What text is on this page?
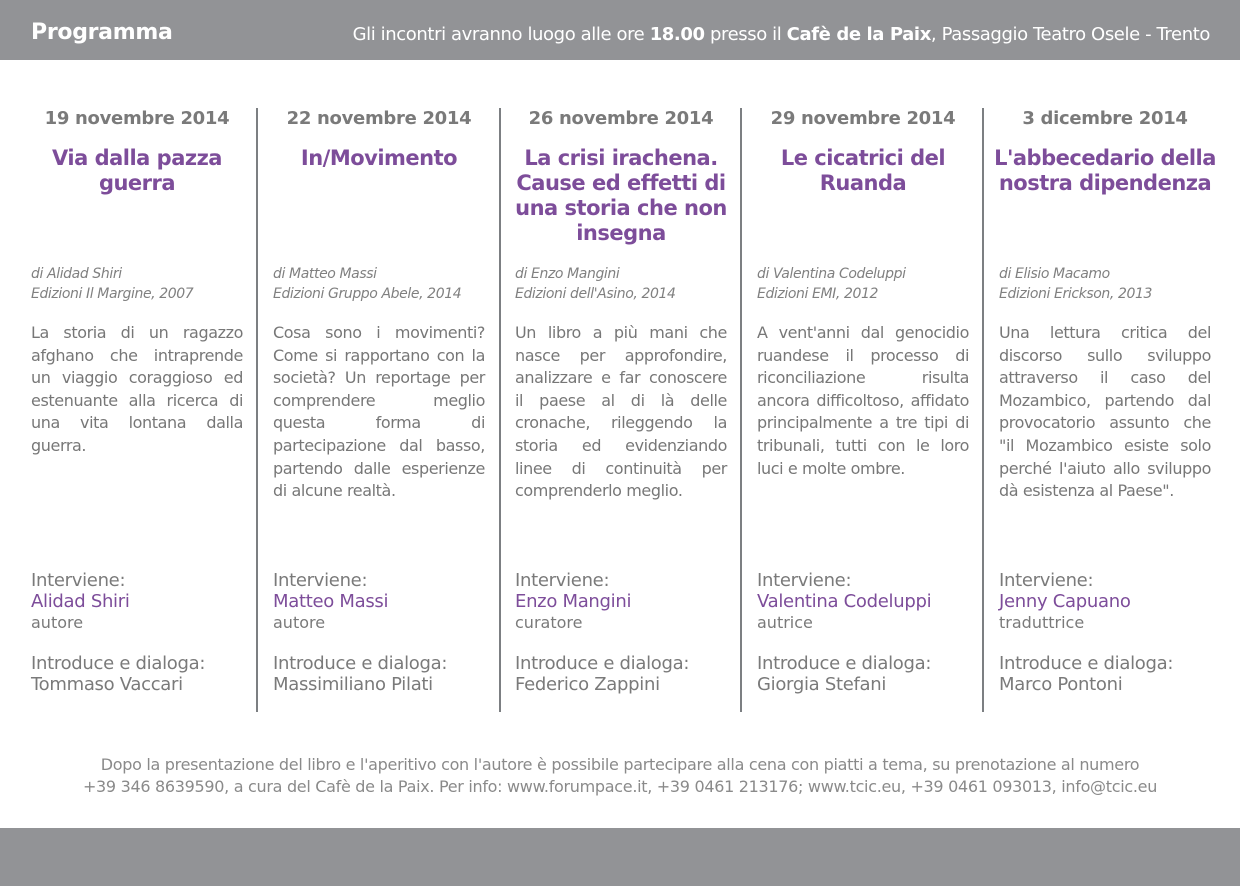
Programma	Gli incontri avranno luogo alle ore 18.00 presso il Cafè de la Paix, Passaggio Teatro Osele - Trento
19 novembre 2014
Via dalla pazza guerra
di Alidad Shiri
Edizioni Il Margine, 2007
La storia di un ragazzo afghano che intraprende un viaggio coraggioso ed estenuante alla ricerca di una vita lontana dalla guerra.
Interviene:
Alidad Shiri
autore
Introduce e dialoga:
Tommaso Vaccari
22 novembre 2014
In/Movimento
di Matteo Massi
Edizioni Gruppo Abele, 2014
Cosa sono i movimenti? Come si rapportano con la società? Un reportage per comprendere meglio questa forma di partecipazione dal basso, partendo dalle esperienze di alcune realtà.
Interviene:
Matteo Massi
autore
Introduce e dialoga:
Massimiliano Pilati
26 novembre 2014
La crisi irachena. Cause ed effetti di una storia che non insegna
di Enzo Mangini
Edizioni dell'Asino, 2014
Un libro a più mani che nasce per approfondire, analizzare e far conoscere il paese al di là delle cronache, rileggendo la storia ed evidenziando linee di continuità per comprenderlo meglio.
Interviene:
Enzo Mangini
curatore
Introduce e dialoga:
Federico Zappini
29 novembre 2014
Le cicatrici del Ruanda
di Valentina Codeluppi
Edizioni EMI, 2012
A vent'anni dal genocidio ruandese il processo di riconciliazione risulta ancora difficoltoso, affidato principalmente a tre tipi di tribunali, tutti con le loro luci e molte ombre.
Interviene:
Valentina Codeluppi
autrice
Introduce e dialoga:
Giorgia Stefani
3 dicembre 2014
L'abbecedario della nostra dipendenza
di Elisio Macamo
Edizioni Erickson, 2013
Una lettura critica del discorso sullo sviluppo attraverso il caso del Mozambico, partendo dal provocatorio assunto che "il Mozambico esiste solo perché l'aiuto allo sviluppo dà esistenza al Paese".
Interviene:
Jenny Capuano
traduttrice
Introduce e dialoga:
Marco Pontoni
Dopo la presentazione del libro e l'aperitivo con l'autore è possibile partecipare alla cena con piatti a tema, su prenotazione al numero
+39 346 8639590, a cura del Cafè de la Paix. Per info: www.forumpace.it, +39 0461 213176; www.tcic.eu, +39 0461 093013, info@tcic.eu
